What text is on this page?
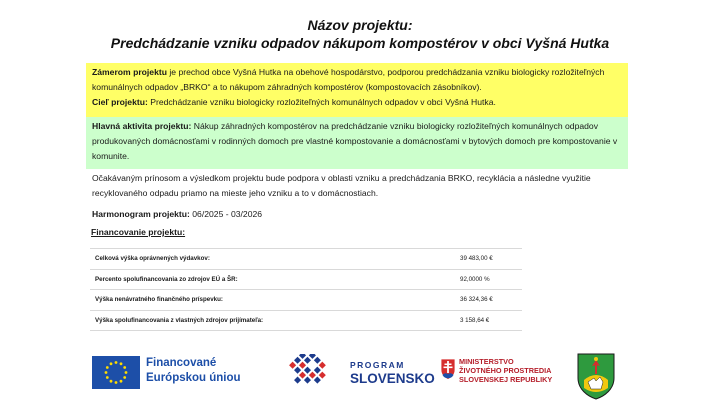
Názov projektu:
Predchádzanie vzniku odpadov nákupom kompostérov v obci Vyšná Hutka
Zámerom projektu je prechod obce Vyšná Hutka na obehové hospodárstvo, podporou predchádzania vzniku biologicky rozložiteľných komunálnych odpadov „BRKO“ a to nákupom záhradných kompostérov (kompostovacích zásobníkov).
Cieľ projektu: Predchádzanie vzniku biologicky rozložiteľných komunálnych odpadov v obci Vyšná Hutka.
Hlavná aktivita projektu: Nákup záhradných kompostérov na predchádzanie vzniku biologicky rozložiteľných komunálnych odpadov produkovaných domácnosťami v rodinných domoch pre vlastné kompostovanie a domácnosťami v bytových domoch pre kompostovanie v komunite.
Očakávaným prínosom a výsledkom projektu bude podpora v oblasti vzniku a predchádzania BRKO, recyklácia a následne využitie recyklovaného odpadu priamo na mieste jeho vzniku a to v domácnostiach.
Harmonogram projektu: 06/2025 - 03/2026
Financovanie projektu:
Celková výška oprávnených výdavkov:	39 483,00 €
Percento spolufinancovania zo zdrojov EÚ a ŠR:	92,0000 %
Výška nenávratného finančného príspevku:	36 324,36 €
Výška spolufinancovania z vlastných zdrojov prijímateľa:	3 158,64 €
Financované
Európskou úniou
PROGRAM
SLOVENSKO
MINISTERSTVO
ŽIVOTNÉHO PROSTREDIA
SLOVENSKEJ REPUBLIKY
